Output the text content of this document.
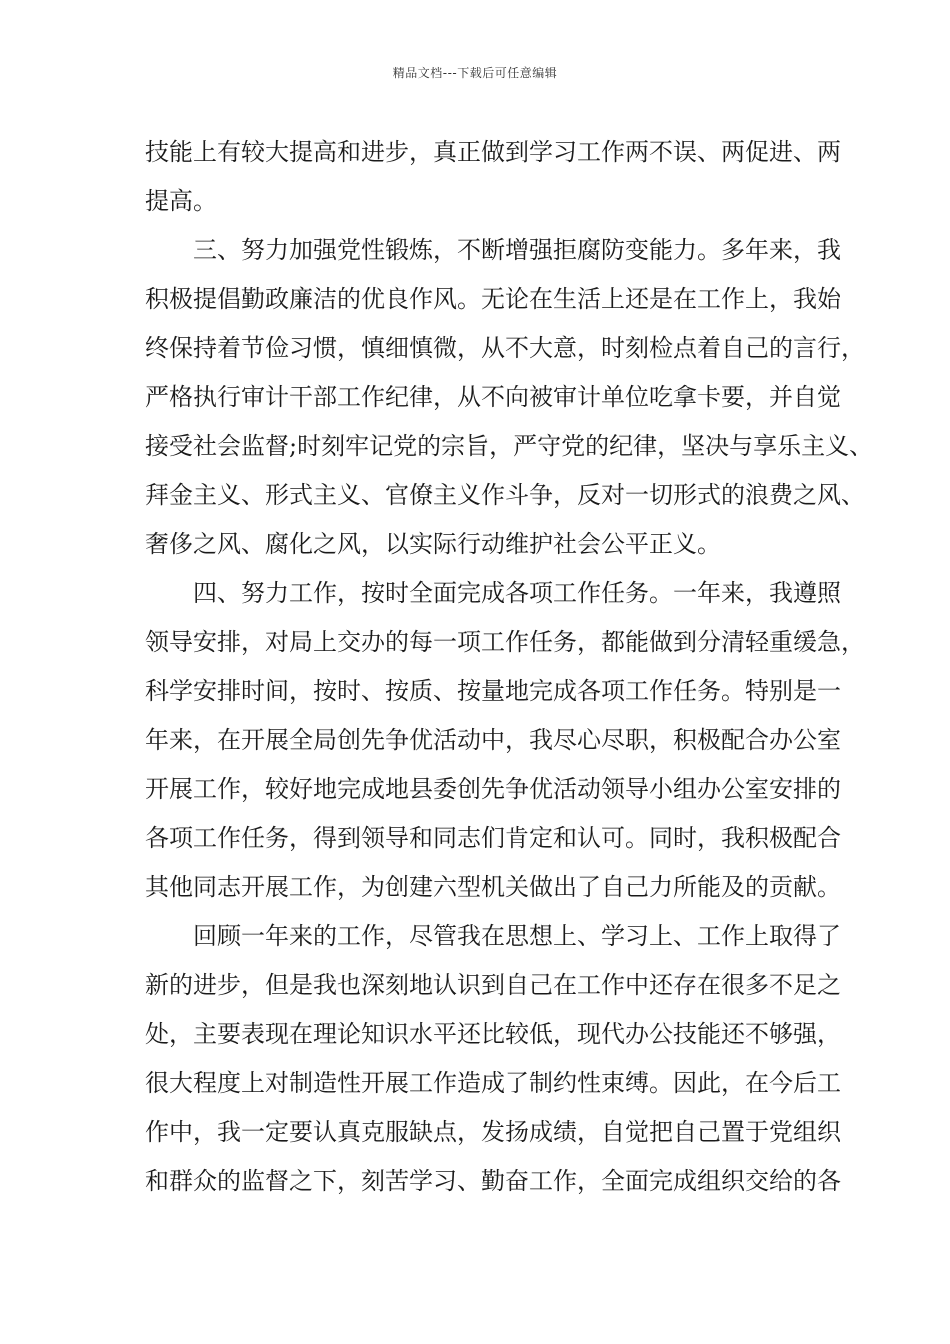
精品文档---下载后可任意编辑
技能上有较大提高和进步，真正做到学习工作两不误、两促进、两
提高。
三、努力加强党性锻炼，不断增强拒腐防变能力。多年来，我
积极提倡勤政廉洁的优良作风。无论在生活上还是在工作上，我始
终保持着节俭习惯，慎细慎微，从不大意，时刻检点着自己的言行，
严格执行审计干部工作纪律，从不向被审计单位吃拿卡要，并自觉
接受社会监督;时刻牢记党的宗旨，严守党的纪律，坚决与享乐主义、
拜金主义、形式主义、官僚主义作斗争，反对一切形式的浪费之风、
奢侈之风、腐化之风，以实际行动维护社会公平正义。
四、努力工作，按时全面完成各项工作任务。一年来，我遵照
领导安排，对局上交办的每一项工作任务，都能做到分清轻重缓急，
科学安排时间，按时、按质、按量地完成各项工作任务。特别是一
年来，在开展全局创先争优活动中，我尽心尽职，积极配合办公室
开展工作，较好地完成地县委创先争优活动领导小组办公室安排的
各项工作任务，得到领导和同志们肯定和认可。同时，我积极配合
其他同志开展工作，为创建六型机关做出了自己力所能及的贡献。
回顾一年来的工作，尽管我在思想上、学习上、工作上取得了
新的进步，但是我也深刻地认识到自己在工作中还存在很多不足之
处，主要表现在理论知识水平还比较低，现代办公技能还不够强，
很大程度上对制造性开展工作造成了制约性束缚。因此，在今后工
作中，我一定要认真克服缺点，发扬成绩，自觉把自己置于党组织
和群众的监督之下，刻苦学习、勤奋工作，全面完成组织交给的各
